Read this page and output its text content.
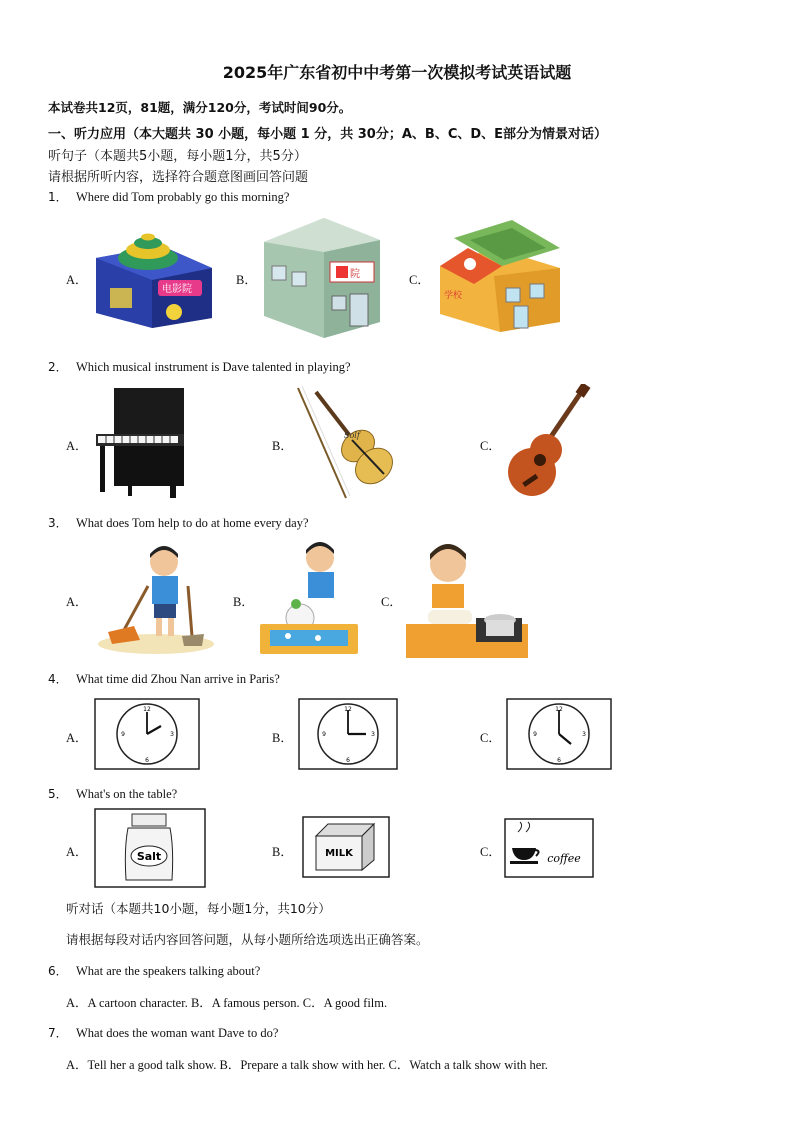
2025年广东省初中中考第一次模拟考试英语试题
本试卷共12页，81题，满分120分，考试时间90分。
一、听力应用（本大题共 30 小题，每小题 1 分，共 30分；A、B、C、D、E部分为情景对话）
听句子（本题共5小题，每小题1分，共5分）
请根据所听内容，选择符合题意图画回答问题
1． Where did Tom probably go this morning?
A．	B．	C．
电影院
院
学校
2． Which musical instrument is Dave talented in playing?
A．	B．	C．
Solf
3． What does Tom help to do at home every day?
A．	B．	C．
4． What time did Zhou Nan arrive in Paris?
A．	B．	C．
12
6
9	3
12
6
9	3
12
6
9	3
5． What's on the table?
A．	B．	C．
Salt	MILK	coffee
听对话（本题共10小题，每小题1分，共10分）
请根据每段对话内容回答问题，从每小题所给选项选出正确答案。
6． What are the speakers talking about?
A．A cartoon character. B．A famous person. C．A good film.
7． What does the woman want Dave to do?
A．Tell her a good talk show. B．Prepare a talk show with her. C．Watch a talk show with her.
